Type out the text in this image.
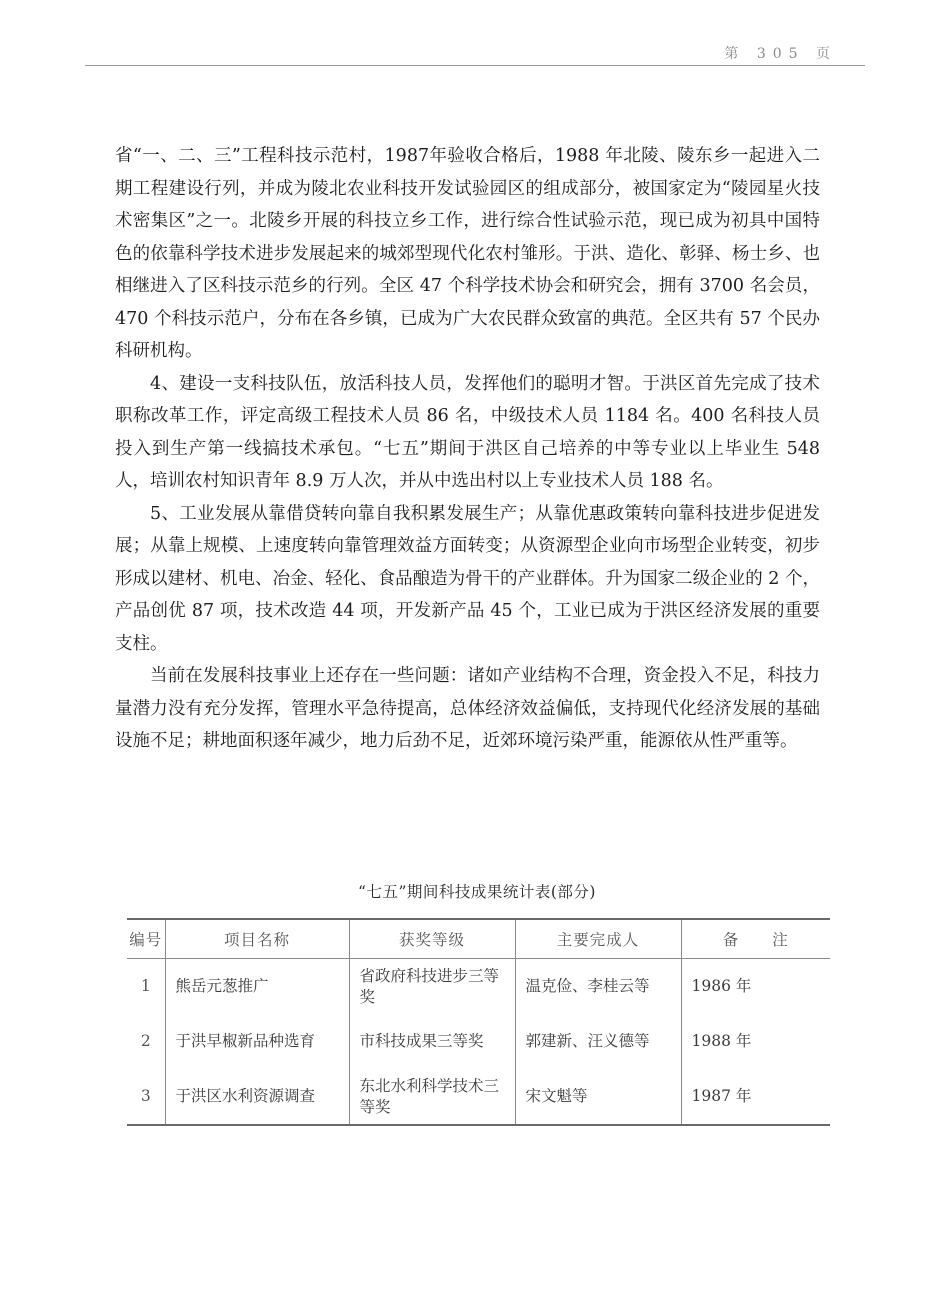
第 305 页

省“一、二、三”工程科技示范村，1987年验收合格后，1988 年北陵、陵东乡一起进入二期工程建设行列，并成为陵北农业科技开发试验园区的组成部分，被国家定为“陵园星火技术密集区”之一。北陵乡开展的科技立乡工作，进行综合性试验示范，现已成为初具中国特色的依靠科学技术进步发展起来的城郊型现代化农村雏形。于洪、造化、彰驿、杨士乡、也相继进入了区科技示范乡的行列。全区 47 个科学技术协会和研究会，拥有 3700 名会员，470 个科技示范户，分布在各乡镇，已成为广大农民群众致富的典范。全区共有 57 个民办科研机构。

4、建设一支科技队伍，放活科技人员，发挥他们的聪明才智。于洪区首先完成了技术职称改革工作，评定高级工程技术人员 86 名，中级技术人员 1184 名。400 名科技人员投入到生产第一线搞技术承包。“七五”期间于洪区自己培养的中等专业以上毕业生 548 人，培训农村知识青年 8.9 万人次，并从中选出村以上专业技术人员 188 名。

5、工业发展从靠借贷转向靠自我积累发展生产；从靠优惠政策转向靠科技进步促进发展；从靠上规模、上速度转向靠管理效益方面转变；从资源型企业向市场型企业转变，初步形成以建材、机电、冶金、轻化、食品酿造为骨干的产业群体。升为国家二级企业的 2 个，产品创优 87 项，技术改造 44 项，开发新产品 45 个，工业已成为于洪区经济发展的重要支柱。

当前在发展科技事业上还存在一些问题：诸如产业结构不合理，资金投入不足，科技力量潜力没有充分发挥，管理水平急待提高，总体经济效益偏低，支持现代化经济发展的基础设施不足；耕地面积逐年减少，地力后劲不足，近郊环境污染严重，能源依从性严重等。

“七五”期间科技成果统计表(部分)
编号	项目名称	获奖等级	主要完成人	备　　注
1	熊岳元葱推广	省政府科技进步三等奖	温克俭、李桂云等	1986 年
2	于洪早椒新品种选育	市科技成果三等奖	郭建新、汪义德等	1988 年
3	于洪区水利资源调查	东北水利科学技术三等奖	宋文魁等	1987 年
